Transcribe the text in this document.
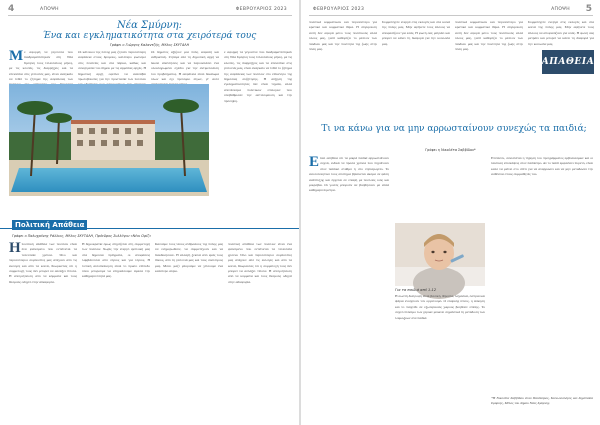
4	ΑΠΟΨΗ	ΦΕΒΡΟΥΑΡΙΟΣ 2023
Νέα Σμύρνη:
Ένα και εγκληματικότητα στα χειρότερά τους
Γράφει ο Γιώργος Καλαντζής, Μέλος ΣΚΥΤΑΛΗ
Με αφορμή τα γεγονότα που διαδραματίστηκαν στη Νέα Σμύρνη τους τελευταίους μήνες, με τις κλοπές, τις διαρρήξεις και τα επεισόδια στις γειτονιές μας, είναι αναγκαίο να τεθεί το ζήτημα της ασφάλειας των
Οι κάτοικοι της πόλης μας ζητούν περισσότερη ασφάλεια στους δρόμους, καλύτερο φωτισμό στις πλατείες και στα πάρκα, καθώς και συνεργασία του δήμου με τις αρμόδιες αρχές. Η δημοτική αρχή οφείλει να αναλάβει πρωτοβουλίες για την προστασία των πολιτών
Οι δημότες αξίζουν μια πόλη ασφαλή και ανθρώπινη. Ζητάμε από τη δημοτική αρχή να δώσει απαντήσεις και να παρουσιάσει ένα ολοκληρωμένο σχέδιο για την αντιμετώπιση του προβλήματος. Η ασφάλεια είναι δικαίωμα όλων και όχι προνόμιο λίγων, γι' αυτό
ε αφορμή τα γεγονότα που διαδραματίστηκαν στη Νέα Σμύρνη τους τελευταίους μήνες, με τις κλοπές, τις διαρρήξεις και τα επεισόδια στις γειτονιές μας, είναι αναγκαίο να τεθεί το ζήτημα της ασφάλειας των πολιτών στο επίκεντρο της δημόσιας συζήτησης. Η αύξηση της εγκληματικότητας δεν είναι τυχαία, αλλά αποτέλεσμα πολιτικών επιλογών που υποβάθμισαν την αστυνόμευση και την πρόληψη.
Πολιτική Απάθεια
Γράφει ο Παλυχρόνης Ράλλιος, Μέλος ΣΚΥΤΑΛΗ, Πρόεδρος Συλλόγου «Νέοι Ορίζ»
Ηπολιτική απάθεια των πολιτών είναι ένα φαινόμενο που εντείνεται τα τελευταία χρόνια. Όλο και περισσότεροι συμπολίτες μας απέχουν από τις εκλογές και από τα κοινά, θεωρώντας ότι η συμμετοχή τους δεν μπορεί να αλλάξει τίποτα. Η απογοήτευση από τα κόμματα και τους θεσμούς οδηγεί στην αδιαφορία.
Η δημοκρατία όμως στηρίζεται στη συμμετοχή των πολιτών. Χωρίς την ενεργό εμπλοκή μας στα δημόσια πράγματα, οι αποφάσεις λαμβάνονται από λίγους και για λίγους. Η τοπική αυτοδιοίκηση είναι το πρώτο επίπεδο όπου μπορούμε να επηρεάσουμε άμεσα την καθημερινότητά μας.
Καλούμε τους νέους ανθρώπους της πόλης μας να ενημερωθούν, να συμμετέχουν και να διεκδικήσουν. Η αλλαγή ξεκινά από εμάς τους ίδιους, από τη γειτονιά μας και τους συλλόγους μας. Μόνο μαζί μπορούμε να χτίσουμε ένα καλύτερο αύριο.
πολιτική απάθεια των πολιτών είναι ένα φαινόμενο που εντείνεται τα τελευταία χρόνια. Όλο και περισσότεροι συμπολίτες μας απέχουν από τις εκλογές και από τα κοινά, θεωρώντας ότι η συμμετοχή τους δεν μπορεί να αλλάξει τίποτα. Η απογοήτευση από τα κόμματα και τους θεσμούς οδηγεί στην αδιαφορία.
ΦΕΒΡΟΥΑΡΙΟΣ 2023	ΑΠΟΨΗ 5
πολιτικά κομματικών και περισσότερο για κρατικό και κομματικό θέμα. Η σύγκρουση αυτή δεν αφορά μόνο τους πολιτικούς αλλά όλους μας, γιατί καθορίζει το μέλλον των παιδιών μας και την ποιότητα της ζωής στην πόλη μας.
Συμμετέχετε ενεργά στις εκλογές και στα κοινά της πόλης μας. Μην αφήνετε τους άλλους να αποφασίζουν για εσάς. Η φωνή σας μετράει και μπορεί να κάνει τη διαφορά για την κοινωνία μας.
πολιτικά κομματικών και περισσότερο για κρατικό και κομματικό θέμα. Η σύγκρουση αυτή δεν αφορά μόνο τους πολιτικούς αλλά όλους μας, γιατί καθορίζει το μέλλον των παιδιών μας και την ποιότητα της ζωής στην πόλη μας.
Συμμετέχετε ενεργά στις εκλογές και στα κοινά της πόλης μας. Μην αφήνετε τους άλλους να αποφασίζουν για εσάς. Η φωνή σας μετράει και μπορεί να κάνει τη διαφορά για την κοινωνία μας.
ΑΠΑΘΕΙΑ
Τι να κάνω για να μην αρρωσταίνουν συνεχώς τα παιδιά;
Γράφει η Νικολέτα Σαββίδου*
Είναι αλήθεια ότι τα μικρά παιδιά αρρωσταίνουν συχνά, ειδικά τα πρώτα χρόνια που πηγαίνουν στον παιδικό σταθμό ή στο νηπιαγωγείο. Το ανοσοποιητικό τους σύστημα βρίσκεται ακόμα σε φάση ανάπτυξης και έρχεται σε επαφή με πολλούς ιούς και μικρόβια. Οι γονείς μπορούν να βοηθήσουν με απλά καθημερινά μέτρα.
Για τα παιδιά από 1-12
Η σωστή διατροφή είναι βασική. Φρούτα, λαχανικά, όσπρια και ψάρια ενισχύουν τον οργανισμό. Ο επαρκής ύπνος, η άσκηση και το παιχνίδι σε εξωτερικούς χώρους βοηθούν επίσης. Το συχνό πλύσιμο των χεριών μειώνει σημαντικά τη μετάδοση των λοιμώξεων στα παιδιά.
Επιπλέον, συνιστάται η τήρηση του προγράμματος εμβολιασμών και οι τακτικές επισκέψεις στον παιδίατρο. Αν το παιδί εμφανίσει πυρετό, είναι καλό να μείνει στο σπίτι για να αναρρώσει και να μην μεταδώσει την ασθένεια στους συμμαθητές του.
*Η Νικολέτα Σαββίδου είναι Παιδίατρος, Κοινωνιολόγος και δημότισσα Σμύρνης, Μέλος του Δήμου Νέας Σμύρνης.
